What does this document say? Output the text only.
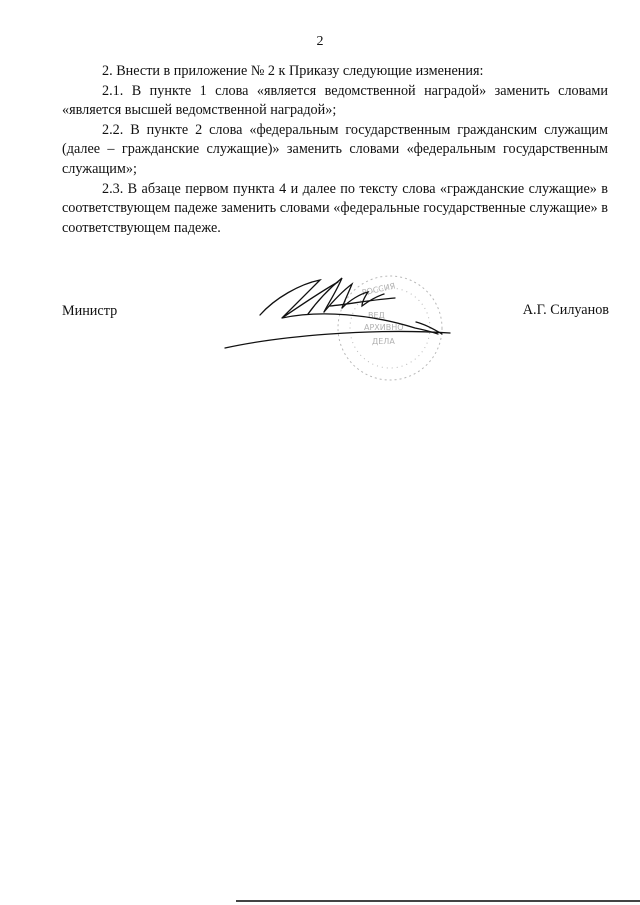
2

2. Внести в приложение № 2 к Приказу следующие изменения:

2.1. В пункте 1 слова «является ведомственной наградой» заменить словами «является высшей ведомственной наградой»;

2.2. В пункте 2 слова «федеральным государственным гражданским служащим (далее – гражданские служащие)» заменить словами «федеральным государственным служащим»;

2.3. В абзаце первом пункта 4 и далее по тексту слова «гражданские служащие» в соответствующем падеже заменить словами «федеральные государственные служащие» в соответствующем падеже.

Министр
РОССИЯ
ВЕД
АРХИВНО
ДЕЛА
А.Г. Силуанов
